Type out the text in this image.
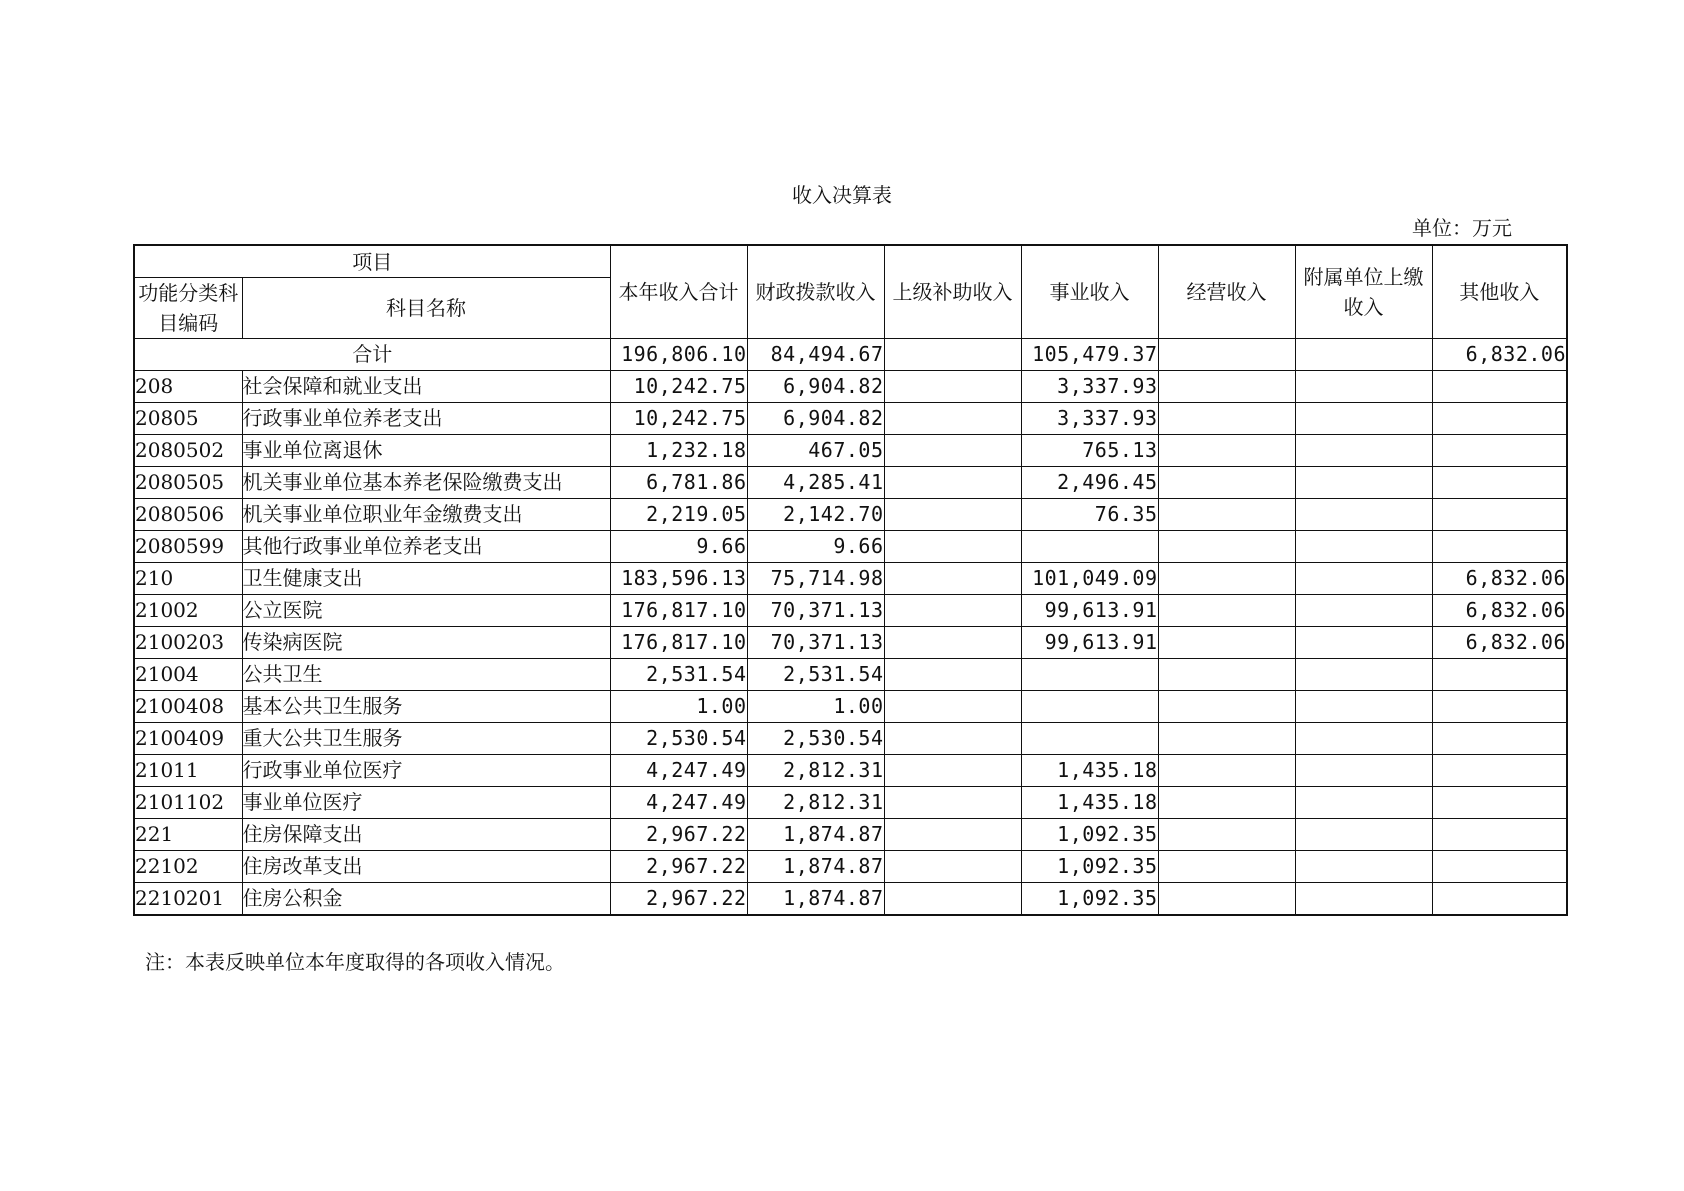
收入决算表
单位：万元
项目		本年收入合计	财政拨款收入	上级补助收入	事业收入	经营收入	附属单位上缴收入	其他收入
功能分类科目编码	科目名称							
合计		196,806.10	84,494.67		105,479.37			6,832.06
208	社会保障和就业支出	10,242.75	6,904.82		3,337.93			
20805	行政事业单位养老支出	10,242.75	6,904.82		3,337.93			
2080502	事业单位离退休	1,232.18	467.05		765.13			
2080505	机关事业单位基本养老保险缴费支出	6,781.86	4,285.41		2,496.45			
2080506	机关事业单位职业年金缴费支出	2,219.05	2,142.70		76.35			
2080599	其他行政事业单位养老支出	9.66	9.66					
210	卫生健康支出	183,596.13	75,714.98		101,049.09			6,832.06
21002	公立医院	176,817.10	70,371.13		99,613.91			6,832.06
2100203	传染病医院	176,817.10	70,371.13		99,613.91			6,832.06
21004	公共卫生	2,531.54	2,531.54					
2100408	基本公共卫生服务	1.00	1.00					
2100409	重大公共卫生服务	2,530.54	2,530.54					
21011	行政事业单位医疗	4,247.49	2,812.31		1,435.18			
2101102	事业单位医疗	4,247.49	2,812.31		1,435.18			
221	住房保障支出	2,967.22	1,874.87		1,092.35			
22102	住房改革支出	2,967.22	1,874.87		1,092.35			
2210201	住房公积金	2,967.22	1,874.87		1,092.35			
注：本表反映单位本年度取得的各项收入情况。
